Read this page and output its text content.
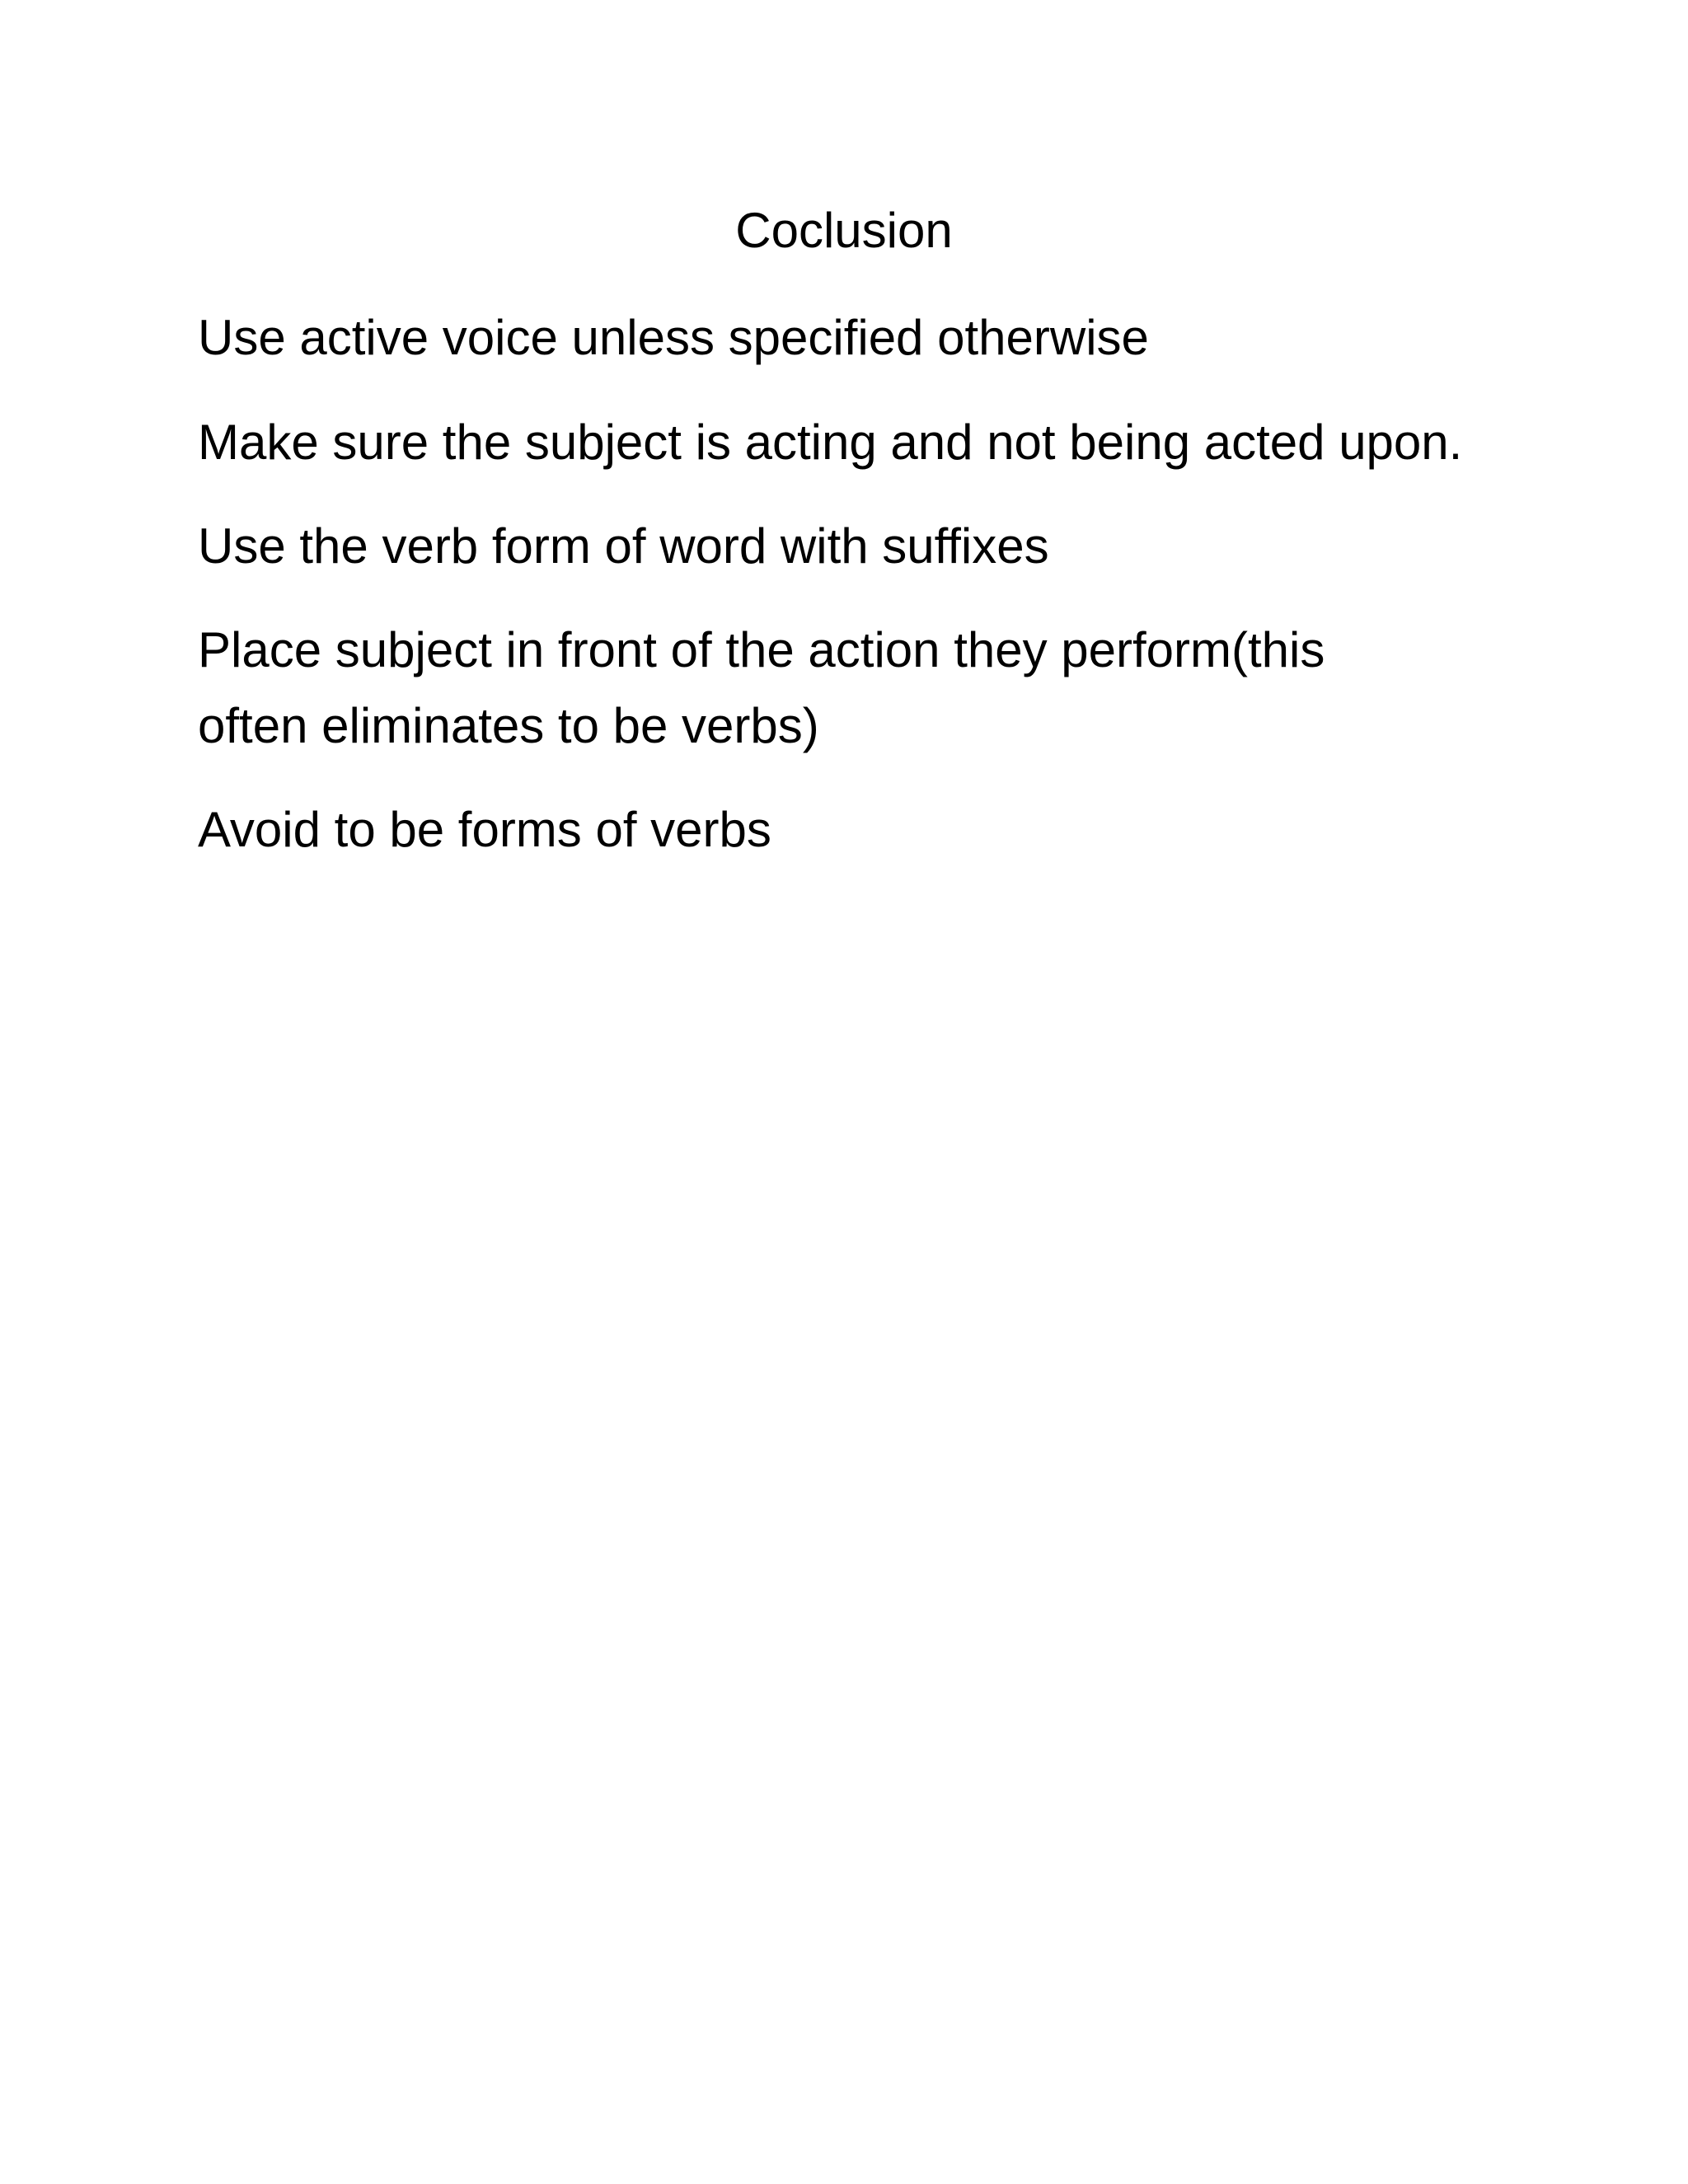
Coclusion
Use active voice unless specified otherwise
Make sure the subject is acting and not being acted upon.
Use the verb form of word with suffixes
Place subject in front of the action they perform(this often eliminates to be verbs)
Avoid to be forms of verbs
